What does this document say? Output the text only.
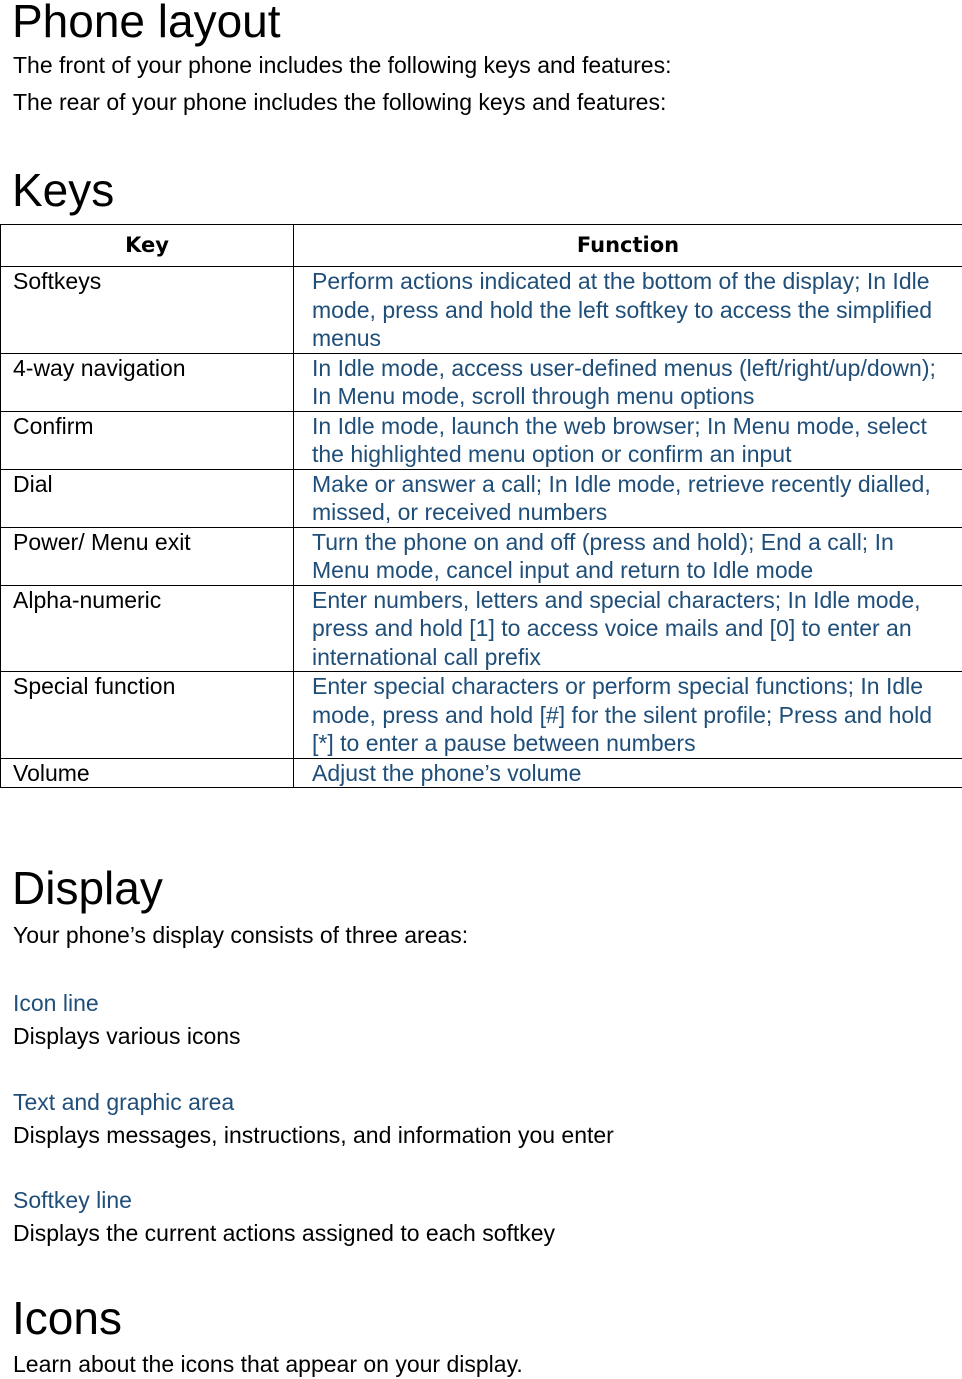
Phone layout

The front of your phone includes the following keys and features:

The rear of your phone includes the following keys and features:

Keys
Key	Function
Softkeys	Perform actions indicated at the bottom of the display; In Idle mode, press and hold the left softkey to access the simplified menus
4-way navigation	In Idle mode, access user-defined menus (left/right/up/down); In Menu mode, scroll through menu options
Confirm	In Idle mode, launch the web browser; In Menu mode, select the highlighted menu option or confirm an input
Dial	Make or answer a call; In Idle mode, retrieve recently dialled, missed, or received numbers
Power/ Menu exit	Turn the phone on and off (press and hold); End a call; In Menu mode, cancel input and return to Idle mode
Alpha-numeric	Enter numbers, letters and special characters; In Idle mode, press and hold [1] to access voice mails and [0] to enter an international call prefix
Special function	Enter special characters or perform special functions; In Idle mode, press and hold [#] for the silent profile; Press and hold [*] to enter a pause between numbers
Volume	Adjust the phone’s volume
Display

Your phone’s display consists of three areas:

Icon line

Displays various icons

Text and graphic area

Displays messages, instructions, and information you enter

Softkey line

Displays the current actions assigned to each softkey

Icons

Learn about the icons that appear on your display.
